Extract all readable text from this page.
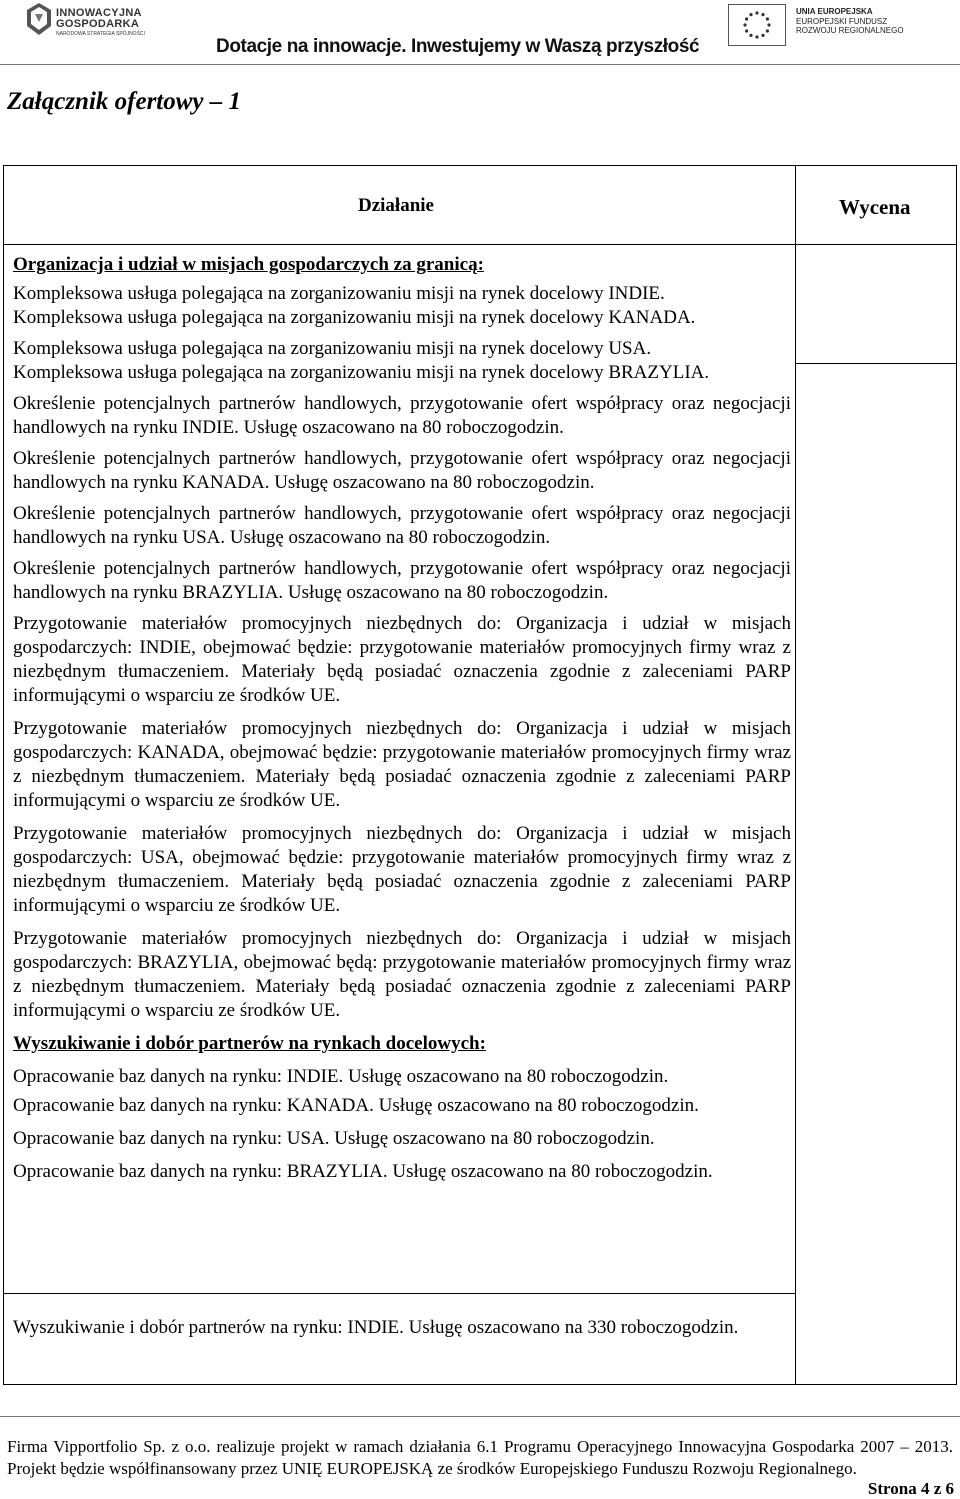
INNOWACYJNA
GOSPODARKA
NARODOWA STRATEGIA SPÓJNOŚCI
Dotacje na innowacje. Inwestujemy w Waszą przyszłość
UNIA EUROPEJSKA
EUROPEJSKI FUNDUSZ
ROZWOJU REGIONALNEGO
Załącznik ofertowy – 1
Działanie	Wycena
Organizacja i udział w misjach gospodarczych za granicą:
Kompleksowa usługa polegająca na zorganizowaniu misji na rynek docelowy INDIE.
Kompleksowa usługa polegająca na zorganizowaniu misji na rynek docelowy KANADA.
Kompleksowa usługa polegająca na zorganizowaniu misji na rynek docelowy USA.
Kompleksowa usługa polegająca na zorganizowaniu misji na rynek docelowy BRAZYLIA.
Określenie potencjalnych partnerów handlowych, przygotowanie ofert współpracy oraz negocjacji handlowych na rynku INDIE. Usługę oszacowano na 80 roboczogodzin.
Określenie potencjalnych partnerów handlowych, przygotowanie ofert współpracy oraz negocjacji handlowych na rynku KANADA. Usługę oszacowano na 80 roboczogodzin.
Określenie potencjalnych partnerów handlowych, przygotowanie ofert współpracy oraz negocjacji handlowych na rynku USA. Usługę oszacowano na 80 roboczogodzin.
Określenie potencjalnych partnerów handlowych, przygotowanie ofert współpracy oraz negocjacji handlowych na rynku BRAZYLIA. Usługę oszacowano na 80 roboczogodzin.
Przygotowanie materiałów promocyjnych niezbędnych do: Organizacja i udział w misjach gospodarczych: INDIE, obejmować będzie: przygotowanie materiałów promocyjnych firmy wraz z niezbędnym tłumaczeniem. Materiały będą posiadać oznaczenia zgodnie z zaleceniami PARP informującymi o wsparciu ze środków UE.
Przygotowanie materiałów promocyjnych niezbędnych do: Organizacja i udział w misjach gospodarczych: KANADA, obejmować będzie: przygotowanie materiałów promocyjnych firmy wraz z niezbędnym tłumaczeniem. Materiały będą posiadać oznaczenia zgodnie z zaleceniami PARP informującymi o wsparciu ze środków UE.
Przygotowanie materiałów promocyjnych niezbędnych do: Organizacja i udział w misjach gospodarczych: USA, obejmować będzie: przygotowanie materiałów promocyjnych firmy wraz z niezbędnym tłumaczeniem. Materiały będą posiadać oznaczenia zgodnie z zaleceniami PARP informującymi o wsparciu ze środków UE.
Przygotowanie materiałów promocyjnych niezbędnych do: Organizacja i udział w misjach gospodarczych: BRAZYLIA, obejmować będą: przygotowanie materiałów promocyjnych firmy wraz z niezbędnym tłumaczeniem. Materiały będą posiadać oznaczenia zgodnie z zaleceniami PARP informującymi o wsparciu ze środków UE.
Wyszukiwanie i dobór partnerów na rynkach docelowych:
Opracowanie baz danych na rynku: INDIE. Usługę oszacowano na 80 roboczogodzin.
Opracowanie baz danych na rynku: KANADA. Usługę oszacowano na 80 roboczogodzin.
Opracowanie baz danych na rynku: USA. Usługę oszacowano na 80 roboczogodzin.
Opracowanie baz danych na rynku: BRAZYLIA. Usługę oszacowano na 80 roboczogodzin.
Wyszukiwanie i dobór partnerów na rynku: INDIE. Usługę oszacowano na 330 roboczogodzin.
Firma Vipportfolio Sp. z o.o. realizuje projekt w ramach działania 6.1 Programu Operacyjnego Innowacyjna Gospodarka 2007 – 2013. Projekt będzie współfinansowany przez UNIĘ EUROPEJSKĄ ze środków Europejskiego Funduszu Rozwoju Regionalnego.
Strona 4 z 6
